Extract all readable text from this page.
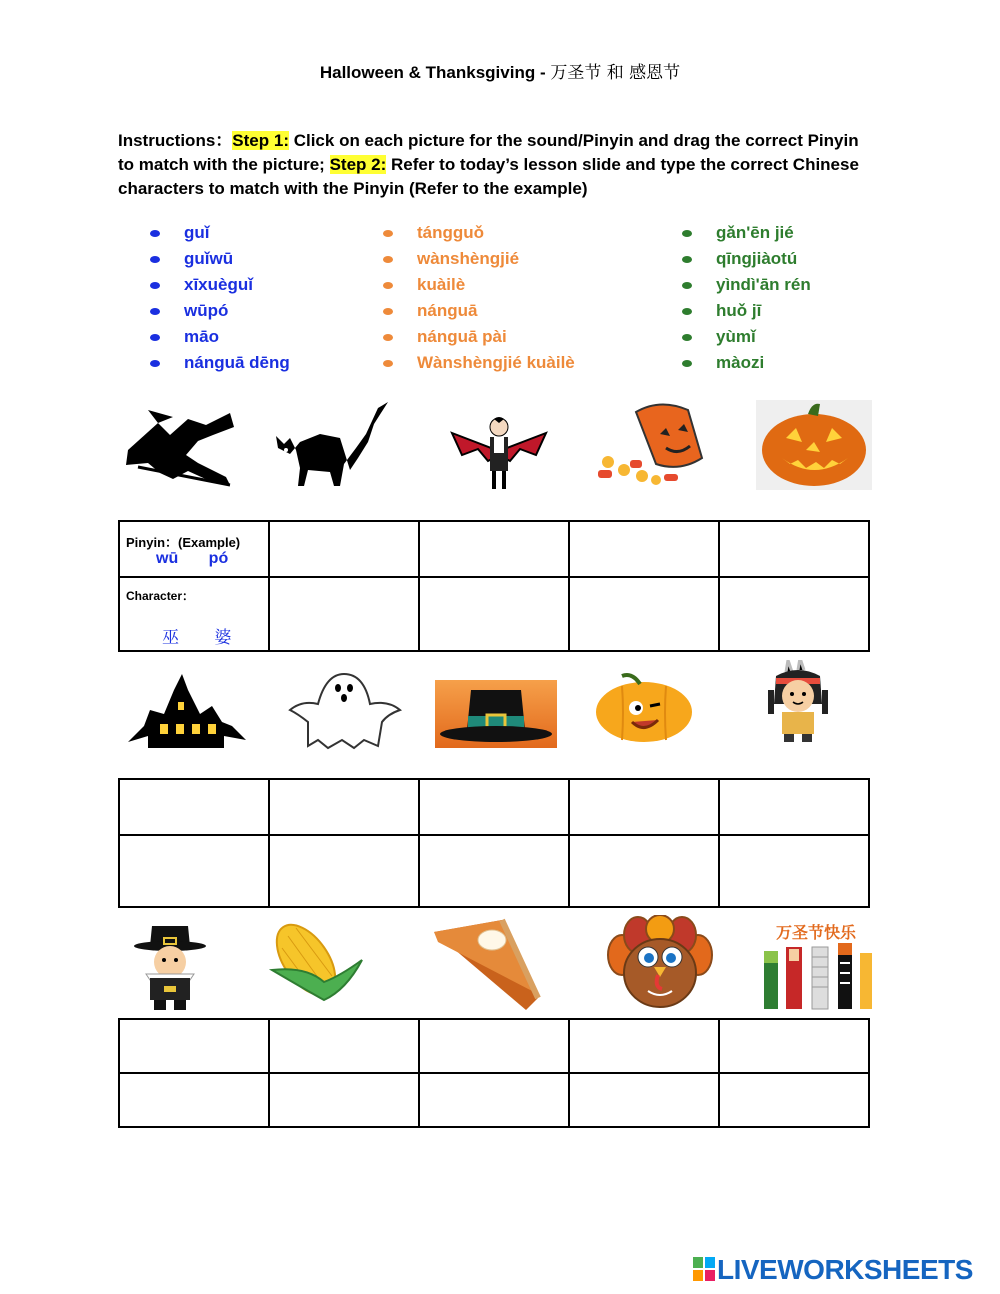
Halloween & Thanksgiving - 万圣节 和 感恩节
Instructions：Step 1: Click on each picture for the sound/Pinyin and drag the correct Pinyin to match with the picture; Step 2: Refer to today’s lesson slide and type the correct Chinese characters to match with the Pinyin (Refer to the example)
guǐ
guǐwū
xīxuèguǐ
wūpó
māo
nánguā dēng
tángguǒ
wànshèngjié
kuàilè
nánguā
nánguā pài
Wànshèngjié kuàilè
gǎn'ēn jié
qīngjiàotú
yìndì'ān rén
huǒ jī
yùmǐ
màozi
Pinyin：(Example)
wū pó				

Character：
巫 婆				

万圣节快乐

LIVEWORKSHEETS
